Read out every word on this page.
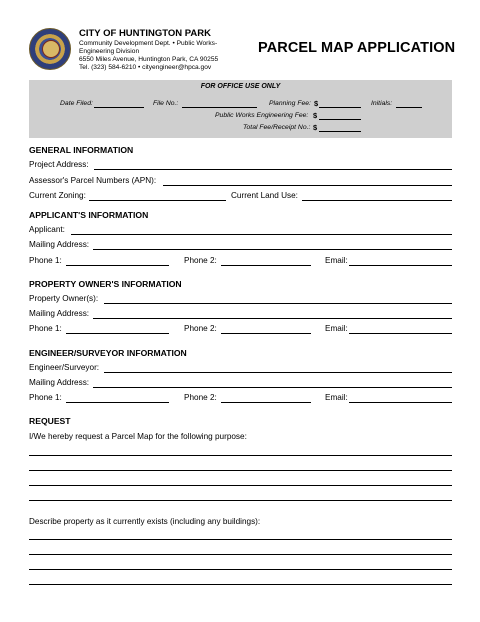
CITY OF HUNTINGTON PARK
Community Development Dept. • Public Works-
Engineering Division
6550 Miles Avenue, Huntington Park, CA 90255
Tel. (323) 584-6210 • cityengineer@hpca.gov
PARCEL MAP APPLICATION
FOR OFFICE USE ONLY
Date Filed:	File No.:	Planning Fee: $	Initials:
Public Works Engineering Fee: $
Total Fee/Receipt No.: $
GENERAL INFORMATION
Project Address:
Assessor's Parcel Numbers (APN):
Current Zoning:	Current Land Use:
APPLICANT'S INFORMATION
Applicant:
Mailing Address:
Phone 1:	Phone 2:	Email:
PROPERTY OWNER'S INFORMATION
Property Owner(s):
Mailing Address:
Phone 1:	Phone 2:	Email:
ENGINEER/SURVEYOR INFORMATION
Engineer/Surveyor:
Mailing Address:
Phone 1:	Phone 2:	Email:
REQUEST
I/We hereby request a Parcel Map for the following purpose:
Describe property as it currently exists (including any buildings):
